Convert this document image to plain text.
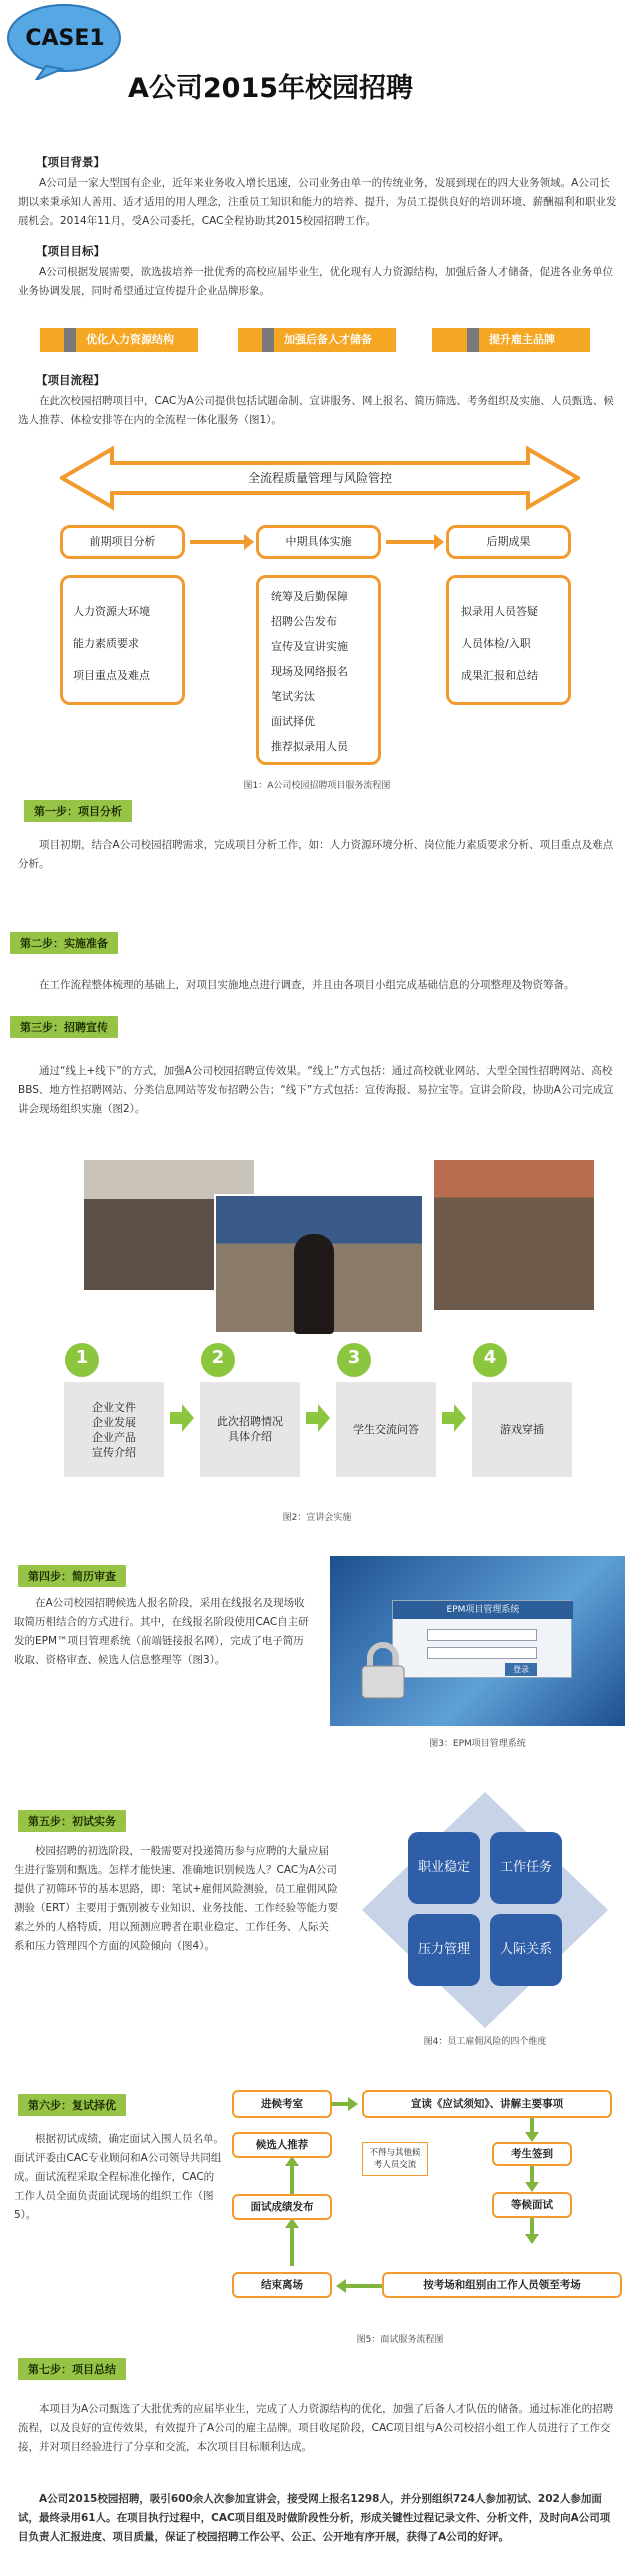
CASE1
A公司2015年校园招聘
【项目背景】
A公司是一家大型国有企业，近年来业务收入增长迅速，公司业务由单一的传统业务，发展到现在的四大业务领域。A公司长期以来秉承知人善用、适才适用的用人理念，注重员工知识和能力的培养、提升，为员工提供良好的培训环境、薪酬福利和职业发展机会。2014年11月，受A公司委托，CAC全程协助其2015校园招聘工作。
【项目目标】
A公司根据发展需要，欲选拔培养一批优秀的高校应届毕业生，优化现有人力资源结构，加强后备人才储备，促进各业务单位业务协调发展，同时希望通过宣传提升企业品牌形象。
优化人力资源结构	加强后备人才储备	提升雇主品牌
【项目流程】
在此次校园招聘项目中，CAC为A公司提供包括试题命制、宣讲服务、网上报名、简历筛选、考务组织及实施、人员甄选、候选人推荐、体检安排等在内的全流程一体化服务（图1）。
全流程质量管理与风险管控
前期项目分析	中期具体实施	后期成果
人力资源大环境
能力素质要求
项目重点及难点
统筹及后勤保障
招聘公告发布
宣传及宣讲实施
现场及网络报名
笔试劣汰
面试择优
推荐拟录用人员
拟录用人员答疑
人员体检/入职
成果汇报和总结
图1：A公司校园招聘项目服务流程图
第一步：项目分析
项目初期，结合A公司校园招聘需求，完成项目分析工作，如：人力资源环境分析、岗位能力素质要求分析、项目重点及难点分析。
第二步：实施准备
在工作流程整体梳理的基础上，对项目实施地点进行调查，并且由各项目小组完成基础信息的分项整理及物资筹备。
第三步：招聘宣传
通过“线上+线下”的方式，加强A公司校园招聘宣传效果。“线上”方式包括：通过高校就业网站、大型全国性招聘网站、高校BBS、地方性招聘网站、分类信息网站等发布招聘公告；“线下”方式包括：宣传海报、易拉宝等。宣讲会阶段，协助A公司完成宣讲会现场组织实施（图2）。
1	2	3	4
企业文件
企业发展
企业产品
宣传介绍
此次招聘情况
具体介绍
学生交流问答	游戏穿插
图2：宣讲会实施
第四步：简历审查
在A公司校园招聘候选人报名阶段，采用在线报名及现场收取简历相结合的方式进行。其中，在线报名阶段使用CAC自主研发的EPM™项目管理系统（前端链接报名网），完成了电子简历收取、资格审查、候选人信息整理等（图3）。
EPM项目管理系统
登录
图3：EPM项目管理系统
第五步：初试实务
校园招聘的初选阶段，一般需要对投递简历参与应聘的大量应届生进行鉴别和甄选。怎样才能快速、准确地识别候选人？CAC为A公司提供了初筛环节的基本思路，即：笔试+雇佣风险测验，员工雇佣风险测验（ERT）主要用于甄别被专业知识、业务技能、工作经验等能力要素之外的人格特质，用以预测应聘者在职业稳定、工作任务、人际关系和压力管理四个方面的风险倾向（图4）。
职业稳定	工作任务
压力管理	人际关系
图4：员工雇佣风险的四个维度
第六步：复试择优
根据初试成绩，确定面试入围人员名单。面试评委由CAC专业顾问和A公司领导共同组成。面试流程采取全程标准化操作，CAC的工作人员全面负责面试现场的组织工作（图5）。
进候考室	宣读《应试须知》、讲解主要事项
考生签到
等候面试
候选人推荐
面试成绩发布
结束离场	按考场和组别由工作人员领至考场
不得与其他候考人员交流
图5：面试服务流程图
第七步：项目总结
本项目为A公司甄选了大批优秀的应届毕业生，完成了人力资源结构的优化，加强了后备人才队伍的储备。通过标准化的招聘流程，以及良好的宣传效果，有效提升了A公司的雇主品牌。项目收尾阶段，CAC项目组与A公司校招小组工作人员进行了工作交接，并对项目经验进行了分享和交流，本次项目目标顺利达成。
A公司2015校园招聘，吸引600余人次参加宣讲会，接受网上报名1298人，并分别组织724人参加初试、202人参加面试，最终录用61人。在项目执行过程中，CAC项目组及时做阶段性分析，形成关键性过程记录文件、分析文件，及时向A公司项目负责人汇报进度、项目质量，保证了校园招聘工作公平、公正、公开地有序开展，获得了A公司的好评。
